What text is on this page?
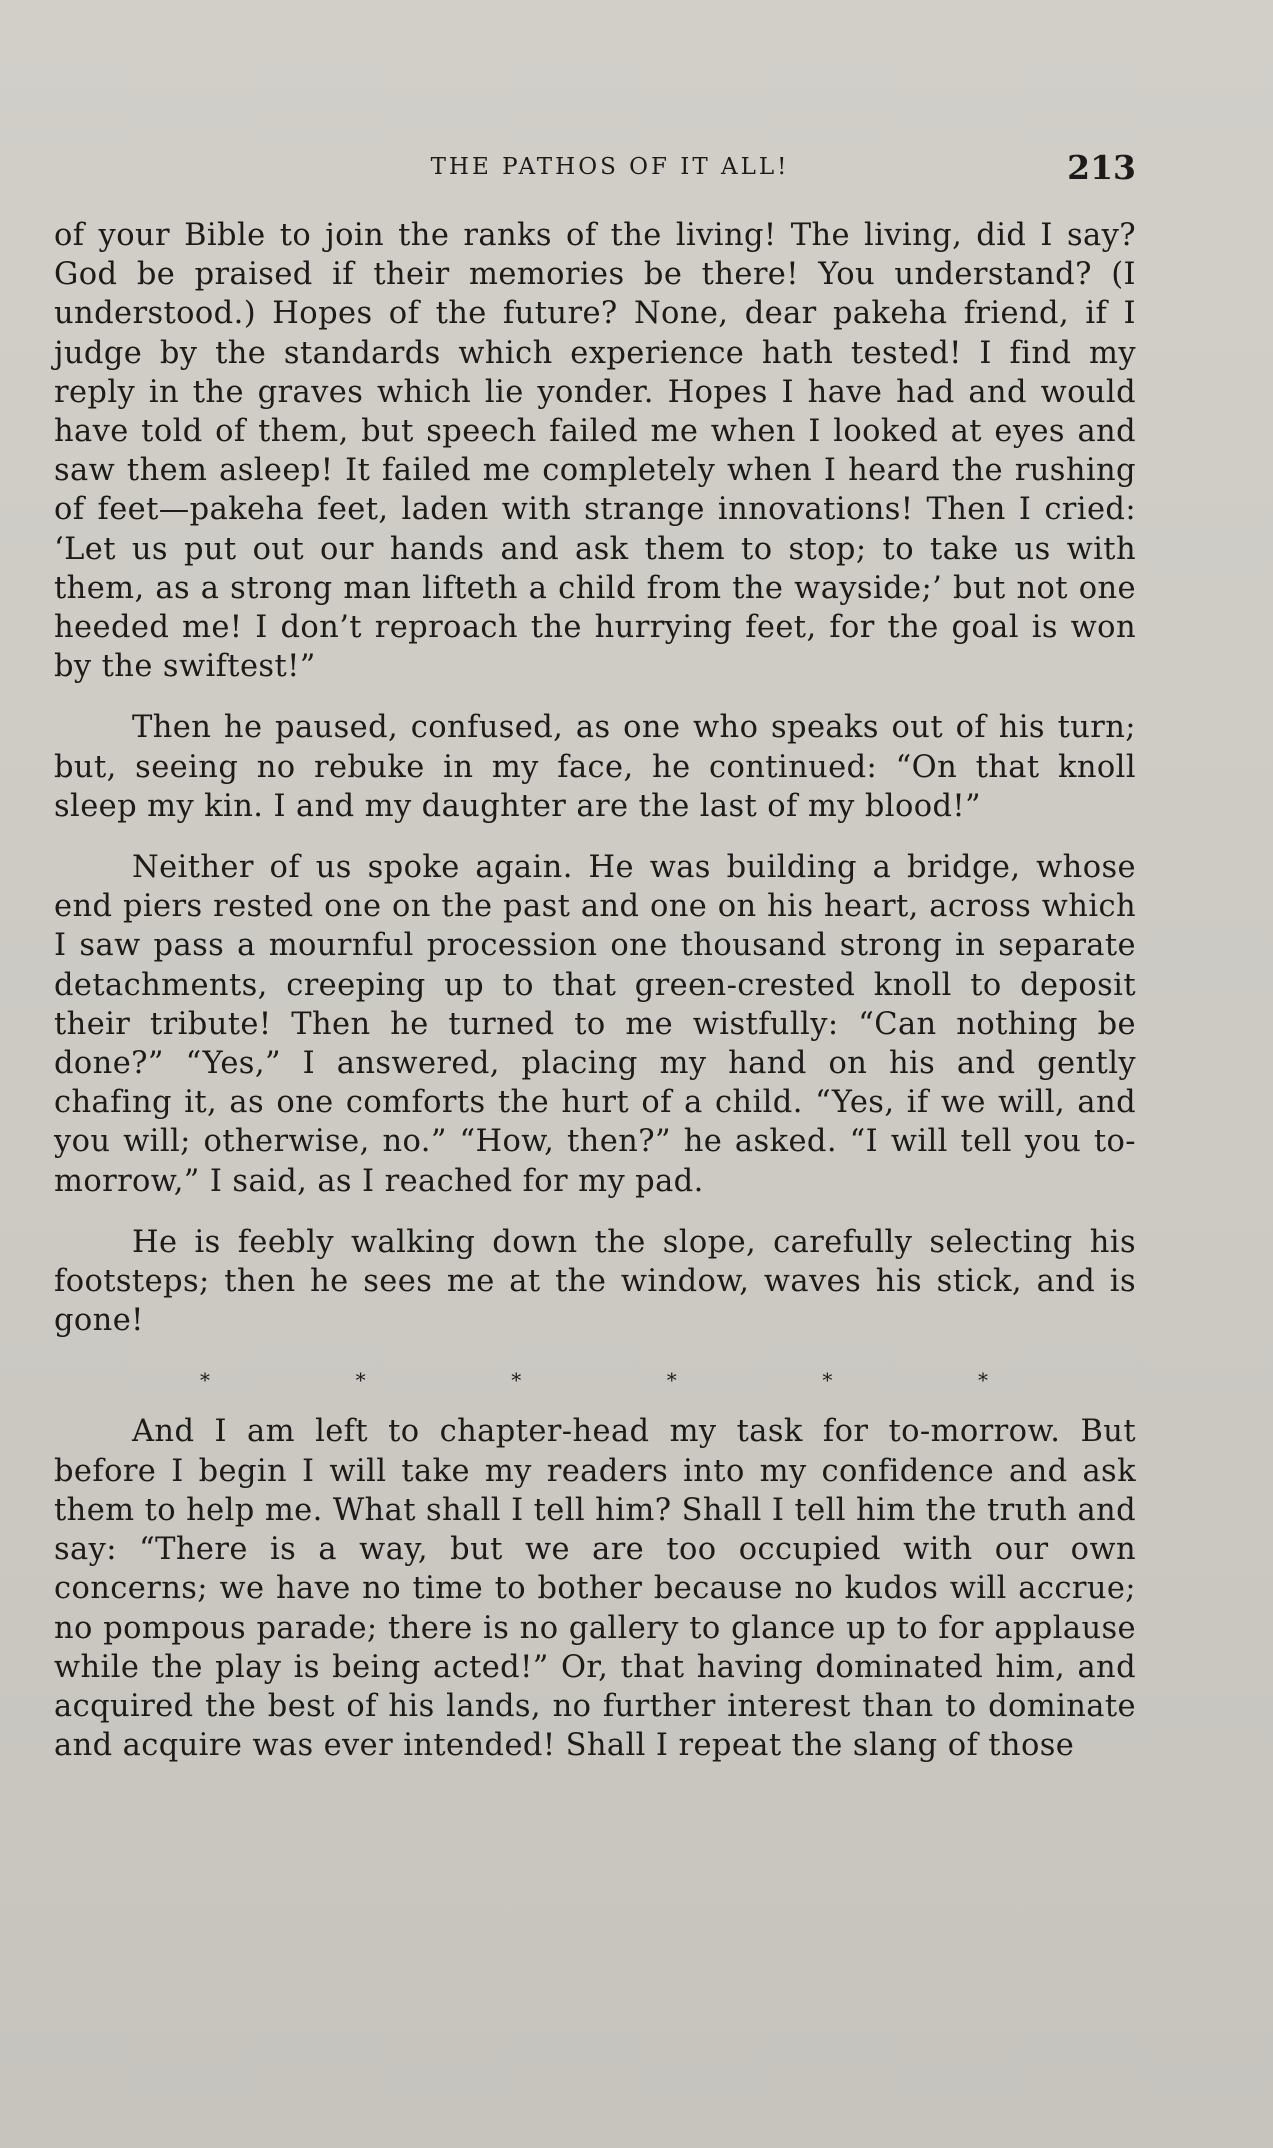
THE PATHOS OF IT ALL!	213

of your Bible to join the ranks of the living! The living, did I say? God be praised if their memories be there! You understand? (I understood.) Hopes of the future? None, dear pakeha friend, if I judge by the standards which experience hath tested! I find my reply in the graves which lie yonder. Hopes I have had and would have told of them, but speech failed me when I looked at eyes and saw them asleep! It failed me completely when I heard the rushing of feet—pakeha feet, laden with strange innovations! Then I cried: ‘Let us put out our hands and ask them to stop; to take us with them, as a strong man lifteth a child from the wayside;’ but not one heeded me! I don’t reproach the hurrying feet, for the goal is won by the swiftest!”

Then he paused, confused, as one who speaks out of his turn; but, seeing no rebuke in my face, he continued: “On that knoll sleep my kin. I and my daughter are the last of my blood!”

Neither of us spoke again. He was building a bridge, whose end piers rested one on the past and one on his heart, across which I saw pass a mournful procession one thousand strong in separate detachments, creeping up to that green-crested knoll to deposit their tribute! Then he turned to me wistfully: “Can nothing be done?” “Yes,” I answered, placing my hand on his and gently chafing it, as one comforts the hurt of a child. “Yes, if we will, and you will; otherwise, no.” “How, then?” he asked. “I will tell you to-morrow,” I said, as I reached for my pad.

He is feebly walking down the slope, carefully selecting his footsteps; then he sees me at the window, waves his stick, and is gone!

*	*	*	*	*	*

And I am left to chapter-head my task for to-morrow. But before I begin I will take my readers into my confidence and ask them to help me. What shall I tell him? Shall I tell him the truth and say: “There is a way, but we are too occupied with our own concerns; we have no time to bother because no kudos will accrue; no pompous parade; there is no gallery to glance up to for applause while the play is being acted!” Or, that having dominated him, and acquired the best of his lands, no further interest than to dominate and acquire was ever intended! Shall I repeat the slang of those
